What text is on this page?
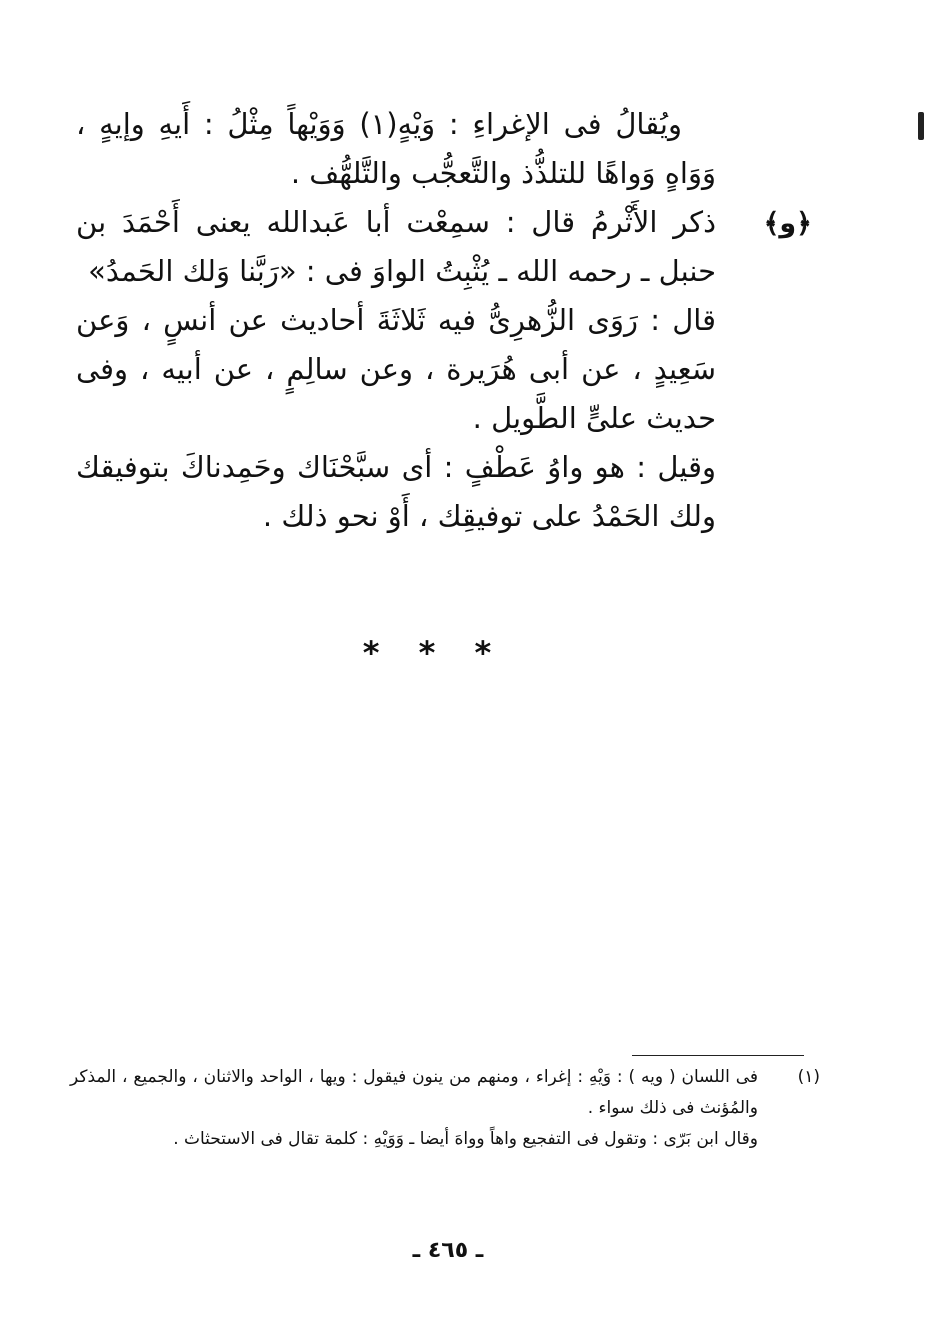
﴿و﴾

ويُقالُ فى الإغراءِ : وَيْهٍ(١) وَوَيْهاً مِثْلُ : أَيهِ وإيهٍ ، وَوَاهٍ وَواهًا للتلذُّذ والتَّعجُّب والتَّلهُّف .

ذكر الأَثْرمُ قال : سمِعْت أبا عَبدالله يعنى أَحْمَدَ بن حنبل ـ رحمه الله ـ يُثْبِتُ الواوَ فى : «رَبَّنا وَلك الحَمدُ»

قال : رَوَى الزُّهرِىُّ فيه ثَلاثَةَ أحاديث عن أنسٍ ، وَعن سَعِيدٍ ، عن أبى هُرَيرة ، وعن سالِمٍ ، عن أبيه ، وفى حديث علىٍّ الطَّويل .

وقيل : هو واوُ عَطْفٍ : أى سبَّحْنَاك وحَمِدناكَ بتوفيقك ولك الحَمْدُ على توفيقِك ، أَوْ نحو ذلك .

* * *
(١)

فى اللسان ( ويه ) : وَيْهِ : إغراء ، ومنهم من ينون فيقول : ويها ، الواحد والاثنان ، والجميع ، المذكر والمُؤنث فى ذلك سواء .

وقال ابن بَرّى : وتقول فى التفجيع واهاً وواهَ أيضا ـ وَوَيْهِ : كلمة تقال فى الاستحثاث .

ـ ٤٦٥ ـ
